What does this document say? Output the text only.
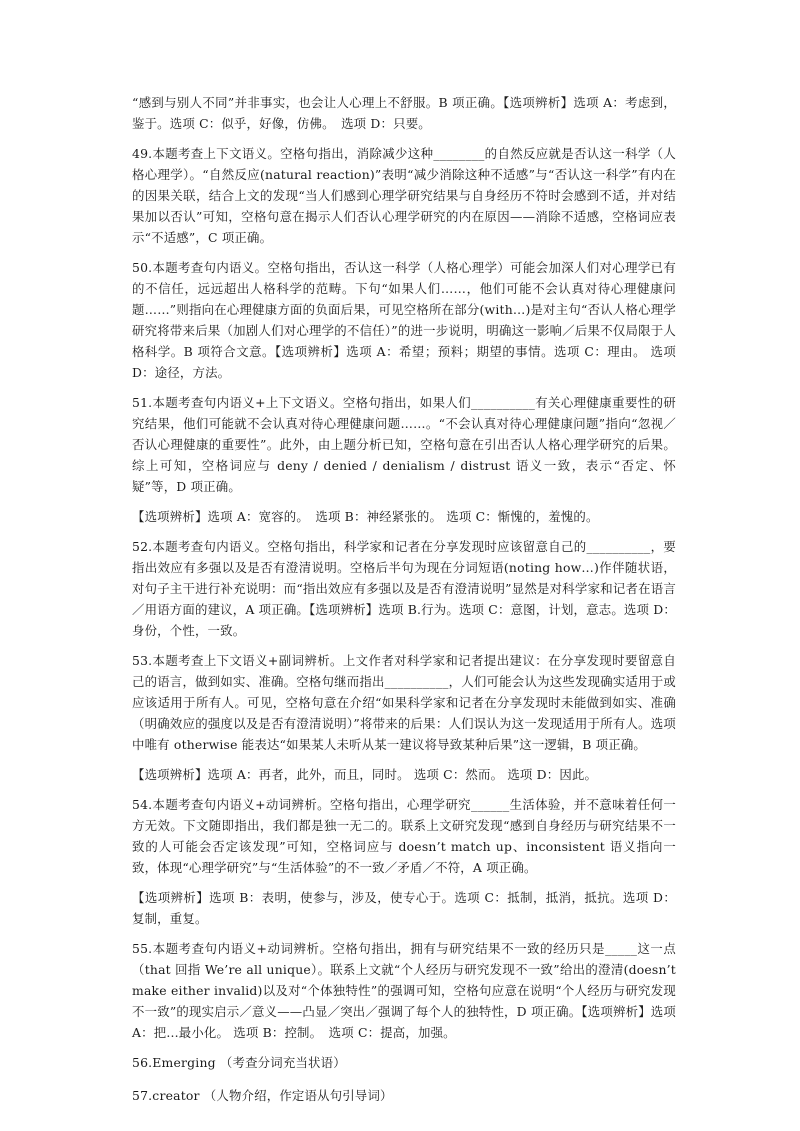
“感到与别人不同”并非事实，也会让人心理上不舒服。B 项正确。【选项辨析】选项 A：考虑到，鉴于。选项 C：似乎，好像，仿佛。　选项 D：只要。

49.本题考查上下文语义。空格句指出，消除减少这种________的自然反应就是否认这一科学（人格心理学）。“自然反应(natural reaction)”表明“减少消除这种不适感”与“否认这一科学”有内在的因果关联，结合上文的发现“当人们感到心理学研究结果与自身经历不符时会感到不适，并对结果加以否认”可知，空格句意在揭示人们否认心理学研究的内在原因——消除不适感，空格词应表示“不适感”，C 项正确。

50.本题考查句内语义。空格句指出，否认这一科学（人格心理学）可能会加深人们对心理学已有的不信任，远远超出人格科学的范畴。下句“如果人们……，他们可能不会认真对待心理健康问题……”则指向在心理健康方面的负面后果，可见空格所在部分(with…)是对主句“否认人格心理学研究将带来后果（加剧人们对心理学的不信任）”的进一步说明，明确这一影响／后果不仅局限于人格科学。B 项符合文意。【选项辨析】选项 A：希望；预料；期望的事情。选项 C：理由。 选项 D：途径，方法。

51.本题考查句内语义+上下文语义。空格句指出，如果人们__________有关心理健康重要性的研究结果，他们可能就不会认真对待心理健康问题……。“不会认真对待心理健康问题”指向“忽视／否认心理健康的重要性”。此外，由上题分析已知，空格句意在引出否认人格心理学研究的后果。综上可知，空格词应与 deny / denied / denialism / distrust 语义一致，表示“否定、怀疑”等，D 项正确。

【选项辨析】选项 A：宽容的。　选项 B：神经紧张的。 选项 C：惭愧的，羞愧的。

52.本题考查句内语义。空格句指出，科学家和记者在分享发现时应该留意自己的__________，要指出效应有多强以及是否有澄清说明。空格后半句为现在分词短语(noting how…)作伴随状语，对句子主干进行补充说明：而“指出效应有多强以及是否有澄清说明”显然是对科学家和记者在语言／用语方面的建议，A 项正确。【选项辨析】选项 B.行为。选项 C：意图，计划，意志。选项 D：身份，个性，一致。

53.本题考查上下文语义+副词辨析。上文作者对科学家和记者提出建议：在分享发现时要留意自己的语言，做到如实、准确。空格句继而指出__________，人们可能会认为这些发现确实适用于或应该适用于所有人。可见，空格句意在介绍“如果科学家和记者在分享发现时未能做到如实、准确（明确效应的强度以及是否有澄清说明）”将带来的后果：人们误认为这一发现适用于所有人。选项中唯有 otherwise 能表达“如果某人未听从某一建议将导致某种后果”这一逻辑，B 项正确。

【选项辨析】选项 A：再者，此外，而且，同时。 选项 C：然而。 选项 D：因此。

54.本题考查句内语义+动词辨析。空格句指出，心理学研究______生活体验，并不意味着任何一方无效。下文随即指出，我们都是独一无二的。联系上文研究发现“感到自身经历与研究结果不一致的人可能会否定该发现”可知，空格词应与 doesn’t match up、inconsistent 语义指向一致，体现“心理学研究”与“生活体验”的不一致／矛盾／不符，A 项正确。

【选项辨析】选项 B：表明，使参与，涉及，使专心于。选项 C：抵制，抵消，抵抗。选项 D：复制，重复。

55.本题考查句内语义+动词辨析。空格句指出，拥有与研究结果不一致的经历只是_____这一点（that 回指 We’re all unique）。联系上文就“个人经历与研究发现不一致”给出的澄清(doesn’t make either invalid)以及对“个体独特性”的强调可知，空格句应意在说明“个人经历与研究发现不一致”的现实启示／意义——凸显／突出／强调了每个人的独特性，D 项正确。【选项辨析】选项 A：把...最小化。 选项 B：控制。　选项 C：提高，加强。

56.Emerging （考查分词充当状语）

57.creator （人物介绍，作定语从句引导词）
